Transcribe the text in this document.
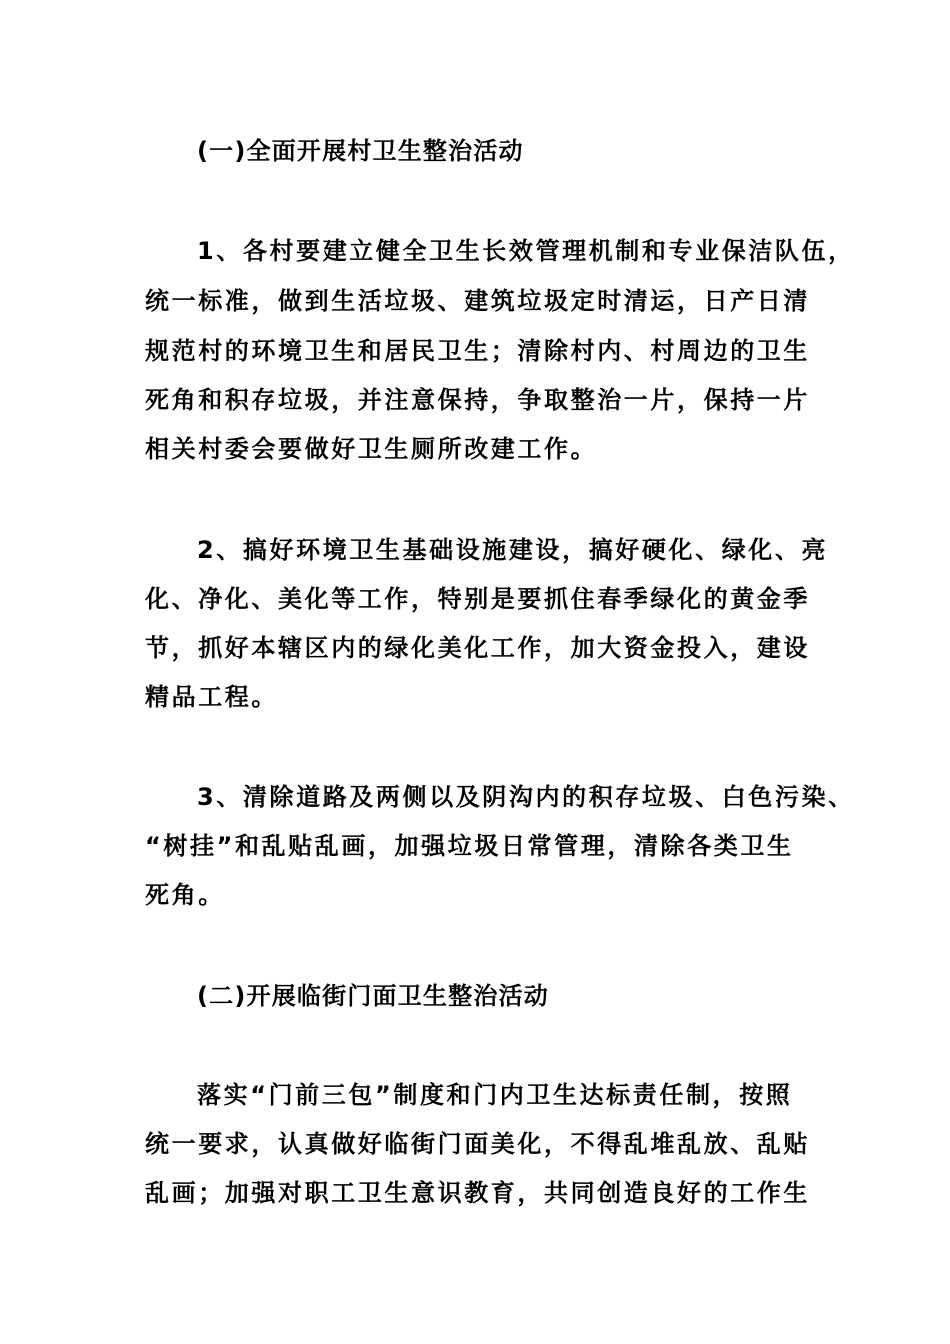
(一)全面开展村卫生整治活动
1、各村要建立健全卫生长效管理机制和专业保洁队伍，
统一标准，做到生活垃圾、建筑垃圾定时清运，日产日清
规范村的环境卫生和居民卫生；清除村内、村周边的卫生
死角和积存垃圾，并注意保持，争取整治一片，保持一片
相关村委会要做好卫生厕所改建工作。
2、搞好环境卫生基础设施建设，搞好硬化、绿化、亮
化、净化、美化等工作，特别是要抓住春季绿化的黄金季
节，抓好本辖区内的绿化美化工作，加大资金投入，建设
精品工程。
3、清除道路及两侧以及阴沟内的积存垃圾、白色污染、
“树挂”和乱贴乱画，加强垃圾日常管理，清除各类卫生
死角。
(二)开展临街门面卫生整治活动
落实“门前三包”制度和门内卫生达标责任制，按照
统一要求，认真做好临街门面美化，不得乱堆乱放、乱贴
乱画；加强对职工卫生意识教育，共同创造良好的工作生
